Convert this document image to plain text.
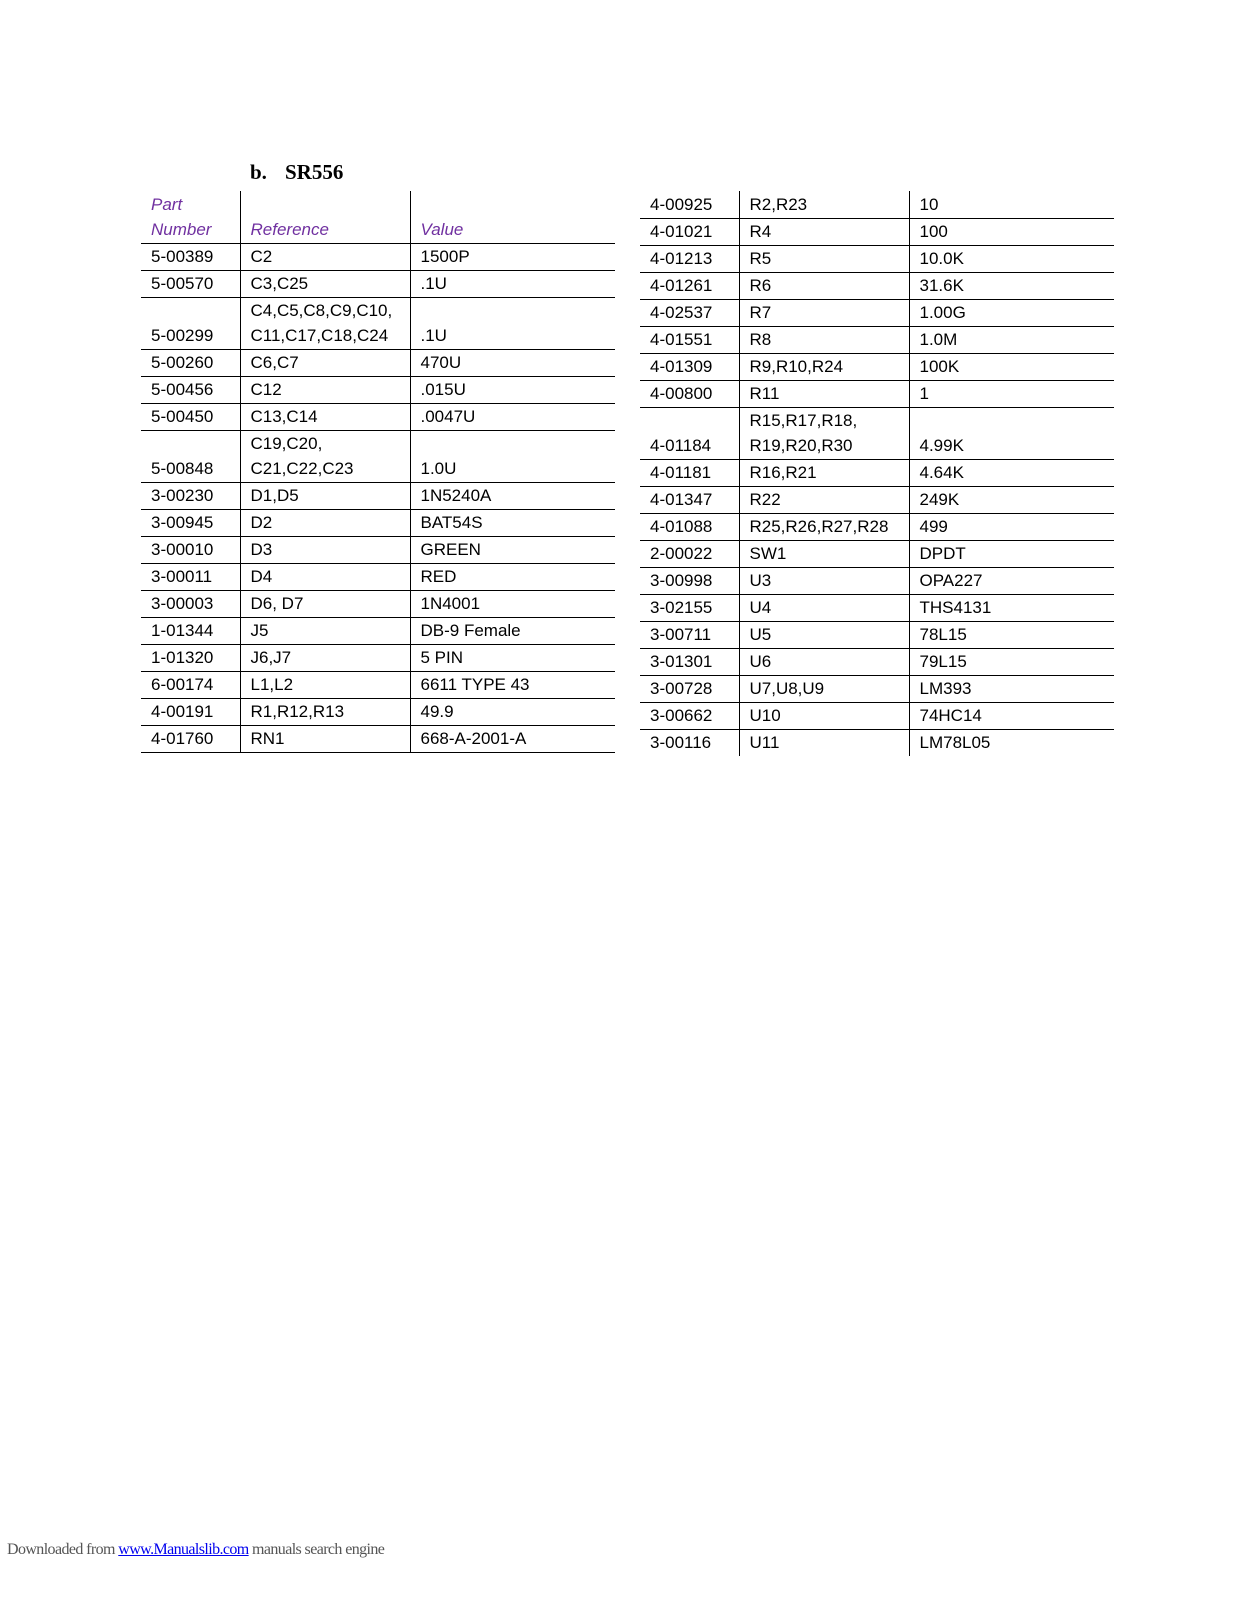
b. SR556
Part
Number	Reference	Value
5-00389	C2	1500P
5-00570	C3,C25	.1U
5-00299	C4,C5,C8,C9,C10,
C11,C17,C18,C24	.1U
5-00260	C6,C7	470U
5-00456	C12	.015U
5-00450	C13,C14	.0047U
5-00848	C19,C20,
C21,C22,C23	1.0U
3-00230	D1,D5	1N5240A
3-00945	D2	BAT54S
3-00010	D3	GREEN
3-00011	D4	RED
3-00003	D6, D7	1N4001
1-01344	J5	DB-9 Female
1-01320	J6,J7	5 PIN
6-00174	L1,L2	6611 TYPE 43
4-00191	R1,R12,R13	49.9
4-01760	RN1	668-A-2001-A
4-00925	R2,R23	10
4-01021	R4	100
4-01213	R5	10.0K
4-01261	R6	31.6K
4-02537	R7	1.00G
4-01551	R8	1.0M
4-01309	R9,R10,R24	100K
4-00800	R11	1
4-01184	R15,R17,R18,
R19,R20,R30	4.99K
4-01181	R16,R21	4.64K
4-01347	R22	249K
4-01088	R25,R26,R27,R28	499
2-00022	SW1	DPDT
3-00998	U3	OPA227
3-02155	U4	THS4131
3-00711	U5	78L15
3-01301	U6	79L15
3-00728	U7,U8,U9	LM393
3-00662	U10	74HC14
3-00116	U11	LM78L05
Downloaded from www.Manualslib.com manuals search engine
